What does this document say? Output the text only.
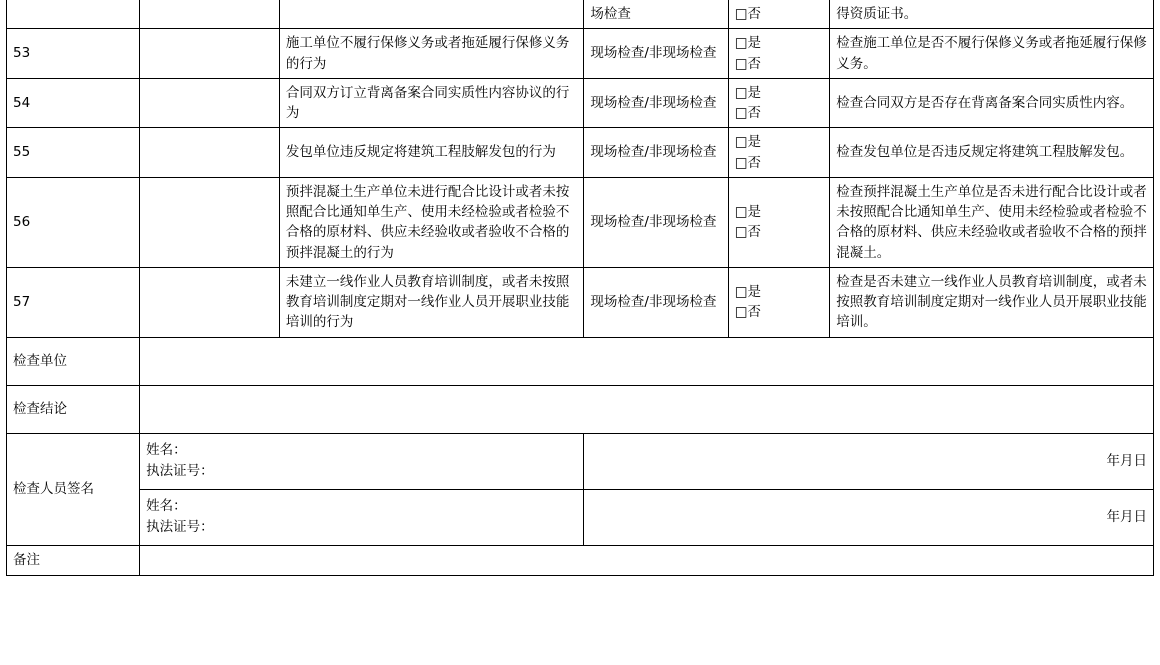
			场检查	□否	得资质证书。
53		施工单位不履行保修义务或者拖延履行保修义务的行为	现场检查/非现场检查	□是
□否	检查施工单位是否不履行保修义务或者拖延履行保修义务。
54		合同双方订立背离备案合同实质性内容协议的行为	现场检查/非现场检查	□是
□否	检查合同双方是否存在背离备案合同实质性内容。
55		发包单位违反规定将建筑工程肢解发包的行为	现场检查/非现场检查	□是
□否	检查发包单位是否违反规定将建筑工程肢解发包。
56		预拌混凝土生产单位未进行配合比设计或者未按照配合比通知单生产、使用未经检验或者检验不合格的原材料、供应未经验收或者验收不合格的预拌混凝土的行为	现场检查/非现场检查	□是
□否	检查预拌混凝土生产单位是否未进行配合比设计或者未按照配合比通知单生产、使用未经检验或者检验不合格的原材料、供应未经验收或者验收不合格的预拌混凝土。
57		未建立一线作业人员教育培训制度，或者未按照教育培训制度定期对一线作业人员开展职业技能培训的行为	现场检查/非现场检查	□是
□否	检查是否未建立一线作业人员教育培训制度，或者未按照教育培训制度定期对一线作业人员开展职业技能培训。
检查单位					
检查结论					
检查人员签名	姓名：
执法证号：		年月日		

	姓名：
执法证号：		年月日		
备注					
